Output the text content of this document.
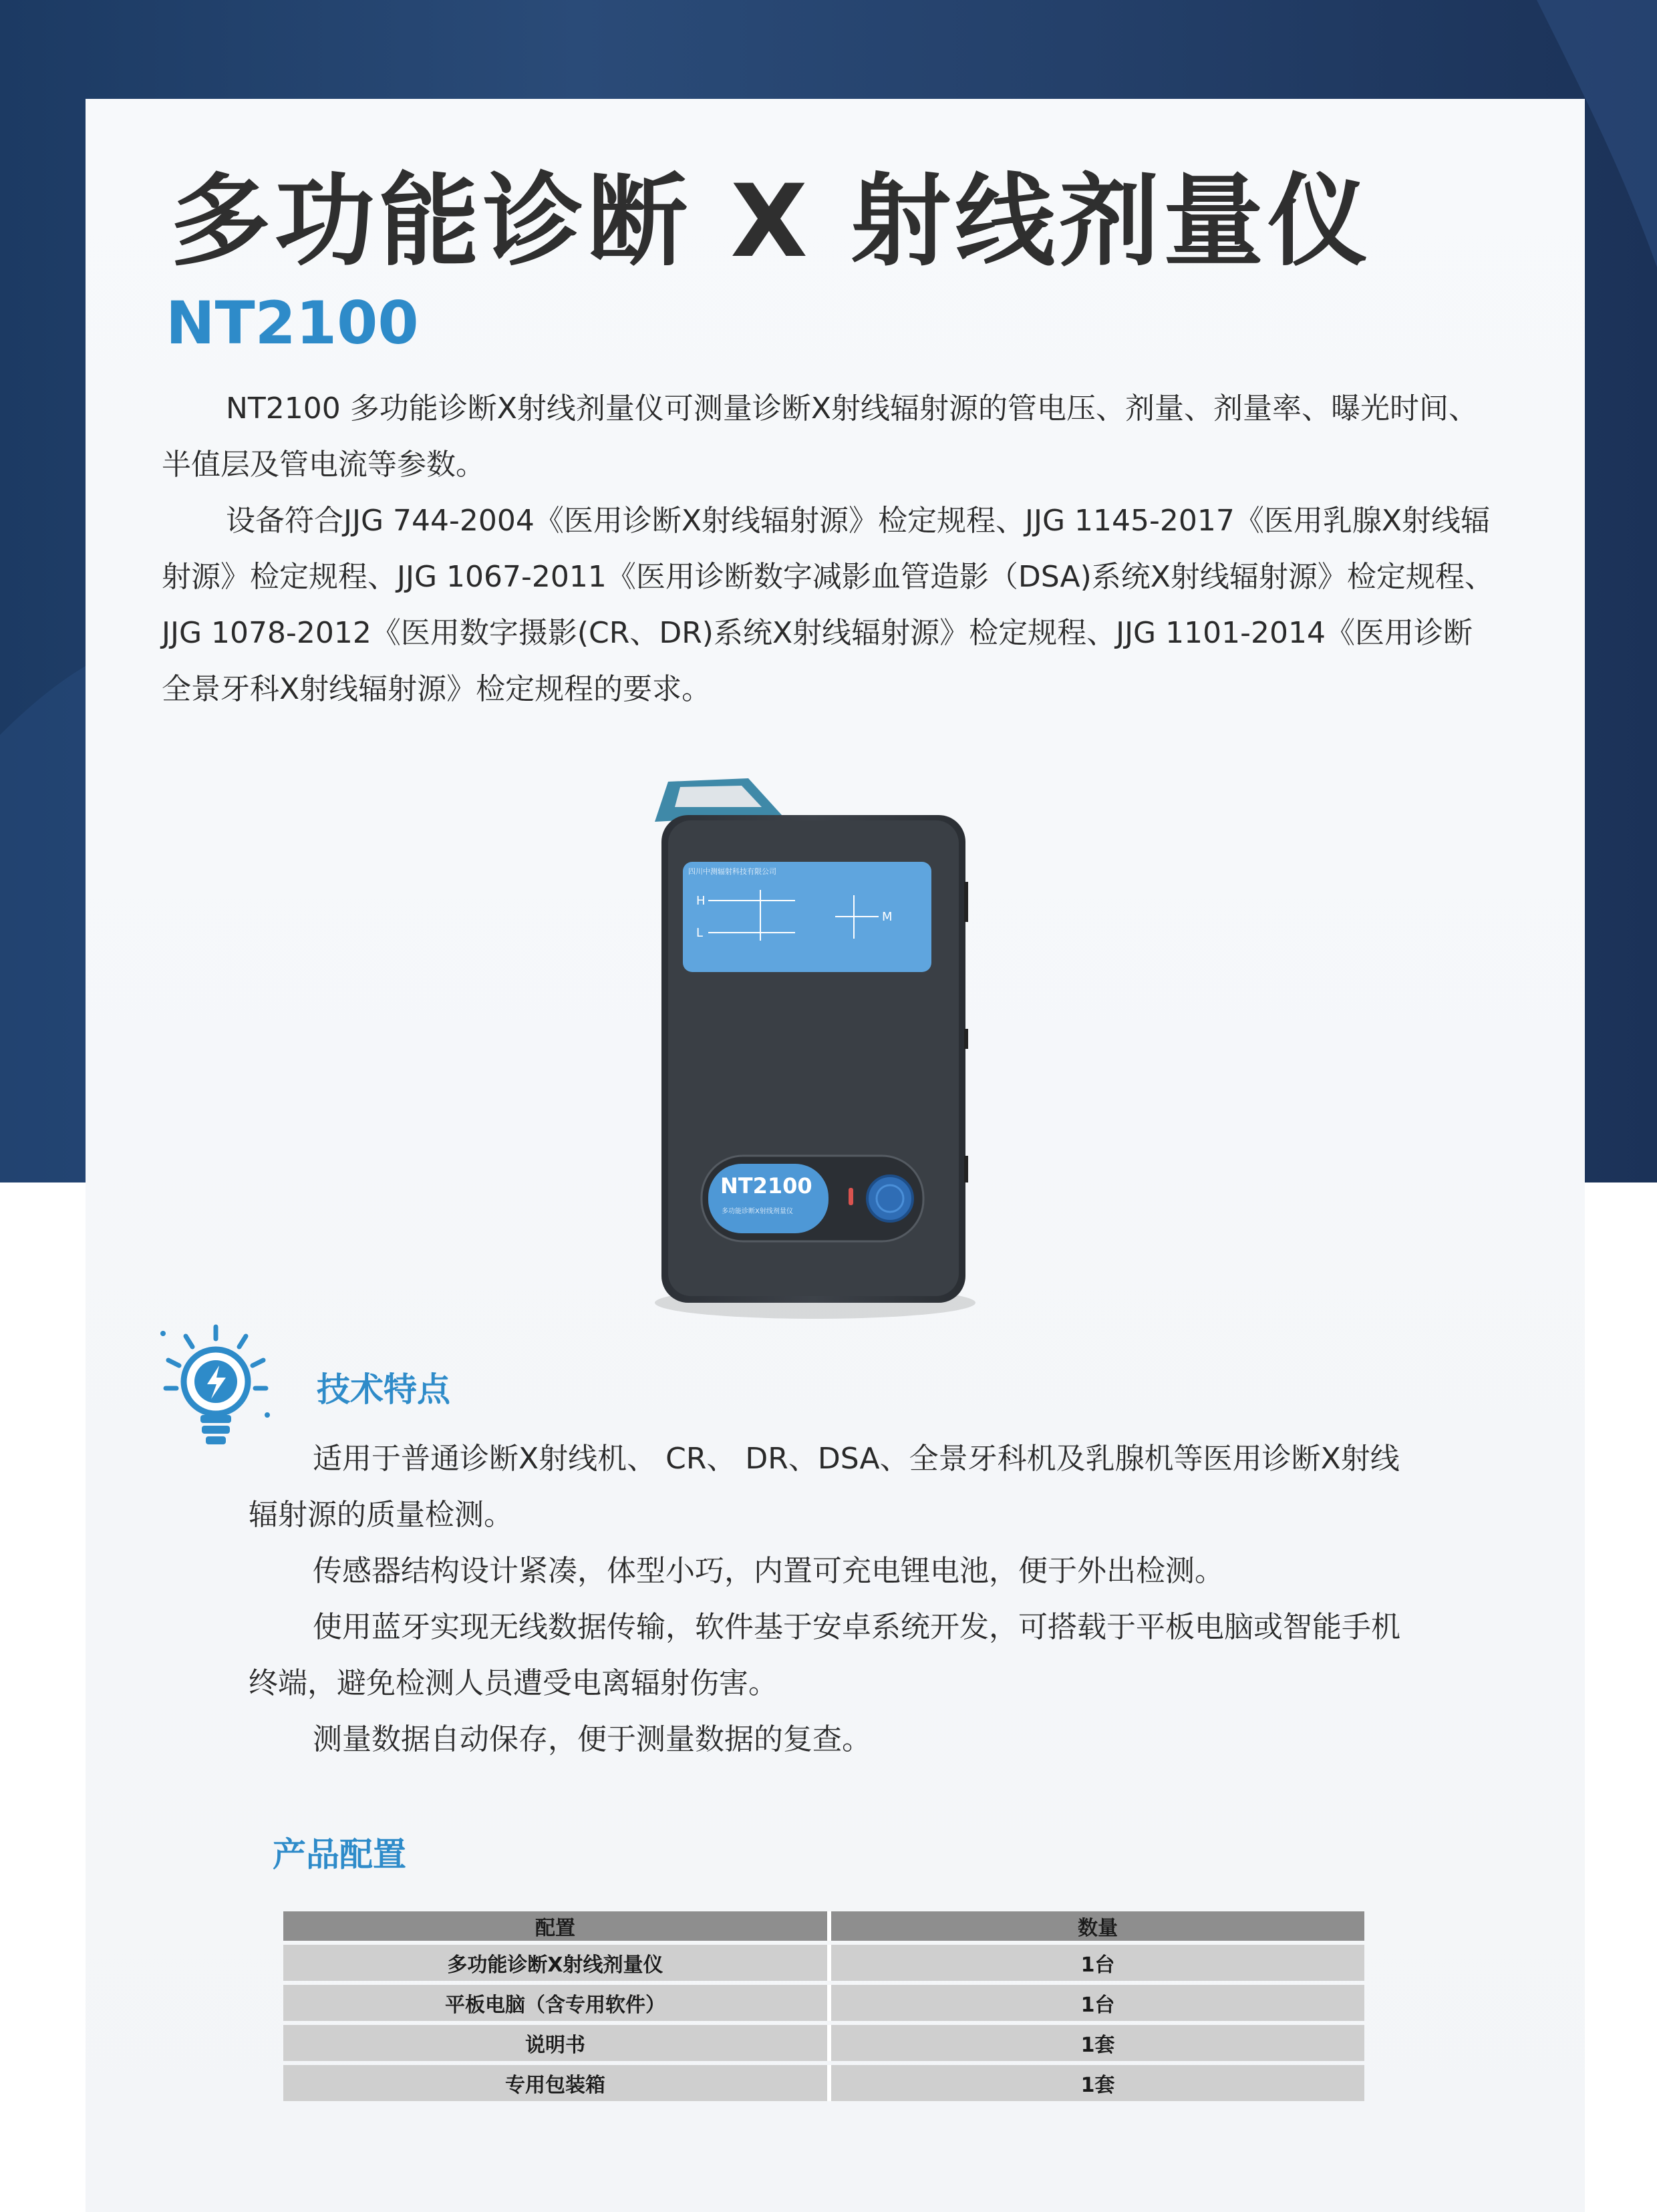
多功能诊断 X 射线剂量仪
NT2100

NT2100 多功能诊断X射线剂量仪可测量诊断X射线辐射源的管电压、剂量、剂量率、曝光时间、半值层及管电流等参数。

设备符合JJG 744-2004《医用诊断X射线辐射源》检定规程、JJG 1145-2017《医用乳腺X射线辐射源》检定规程、JJG 1067-2011《医用诊断数字减影血管造影（DSA)系统X射线辐射源》检定规程、JJG 1078-2012《医用数字摄影(CR、DR)系统X射线辐射源》检定规程、JJG 1101-2014《医用诊断全景牙科X射线辐射源》检定规程的要求。

四川中测辐射科技有限公司
H
L
M
NT2100
多功能诊断X射线剂量仪
技术特点

适用于普通诊断X射线机、 CR、 DR、DSA、全景牙科机及乳腺机等医用诊断X射线辐射源的质量检测。

传感器结构设计紧凑，体型小巧，内置可充电锂电池，便于外出检测。

使用蓝牙实现无线数据传输，软件基于安卓系统开发，可搭载于平板电脑或智能手机终端，避免检测人员遭受电离辐射伤害。

测量数据自动保存，便于测量数据的复查。

产品配置
配置	数量
多功能诊断X射线剂量仪	1台
平板电脑（含专用软件）	1台
说明书	1套
专用包装箱	1套
